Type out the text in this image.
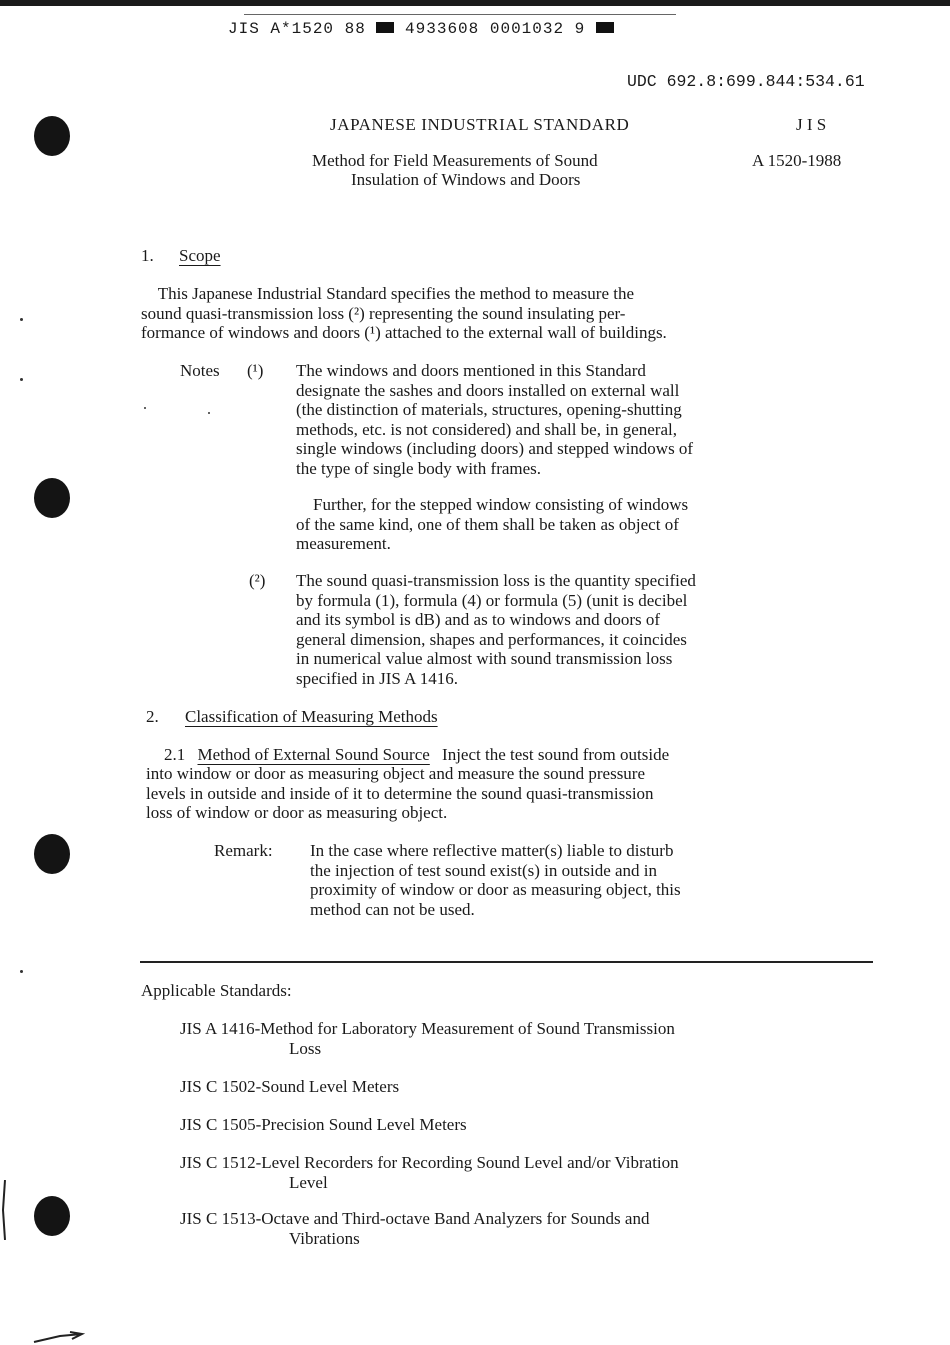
JIS A*1520 88 4933608 0001032 9
UDC 692.8:699.844:534.61
JAPANESE INDUSTRIAL STANDARD	J I S
Method for Field Measurements of Sound
Insulation of Windows and Doors
A 1520-1988
1. Scope
This Japanese Industrial Standard specifies the method to measure the
sound quasi-transmission loss (²) representing the sound insulating per-
formance of windows and doors (¹) attached to the external wall of buildings.
Notes (¹) The windows and doors mentioned in this Standard
designate the sashes and doors installed on external wall
(the distinction of materials, structures, opening-shutting
methods, etc. is not considered) and shall be, in general,
single windows (including doors) and stepped windows of
the type of single body with frames.
Further, for the stepped window consisting of windows
of the same kind, one of them shall be taken as object of
measurement.
(²) The sound quasi-transmission loss is the quantity specified
by formula (1), formula (4) or formula (5) (unit is decibel
and its symbol is dB) and as to windows and doors of
general dimension, shapes and performances, it coincides
in numerical value almost with sound transmission loss
specified in JIS A 1416.
2. Classification of Measuring Methods
2.1 Method of External Sound Source Inject the test sound from outside
into window or door as measuring object and measure the sound pressure
levels in outside and inside of it to determine the sound quasi-transmission
loss of window or door as measuring object.
Remark: In the case where reflective matter(s) liable to disturb
the injection of test sound exist(s) in outside and in
proximity of window or door as measuring object, this
method can not be used.
Applicable Standards:
JIS A 1416-Method for Laboratory Measurement of Sound Transmission
Loss
JIS C 1502-Sound Level Meters
JIS C 1505-Precision Sound Level Meters
JIS C 1512-Level Recorders for Recording Sound Level and/or Vibration
Level
JIS C 1513-Octave and Third-octave Band Analyzers for Sounds and
Vibrations
